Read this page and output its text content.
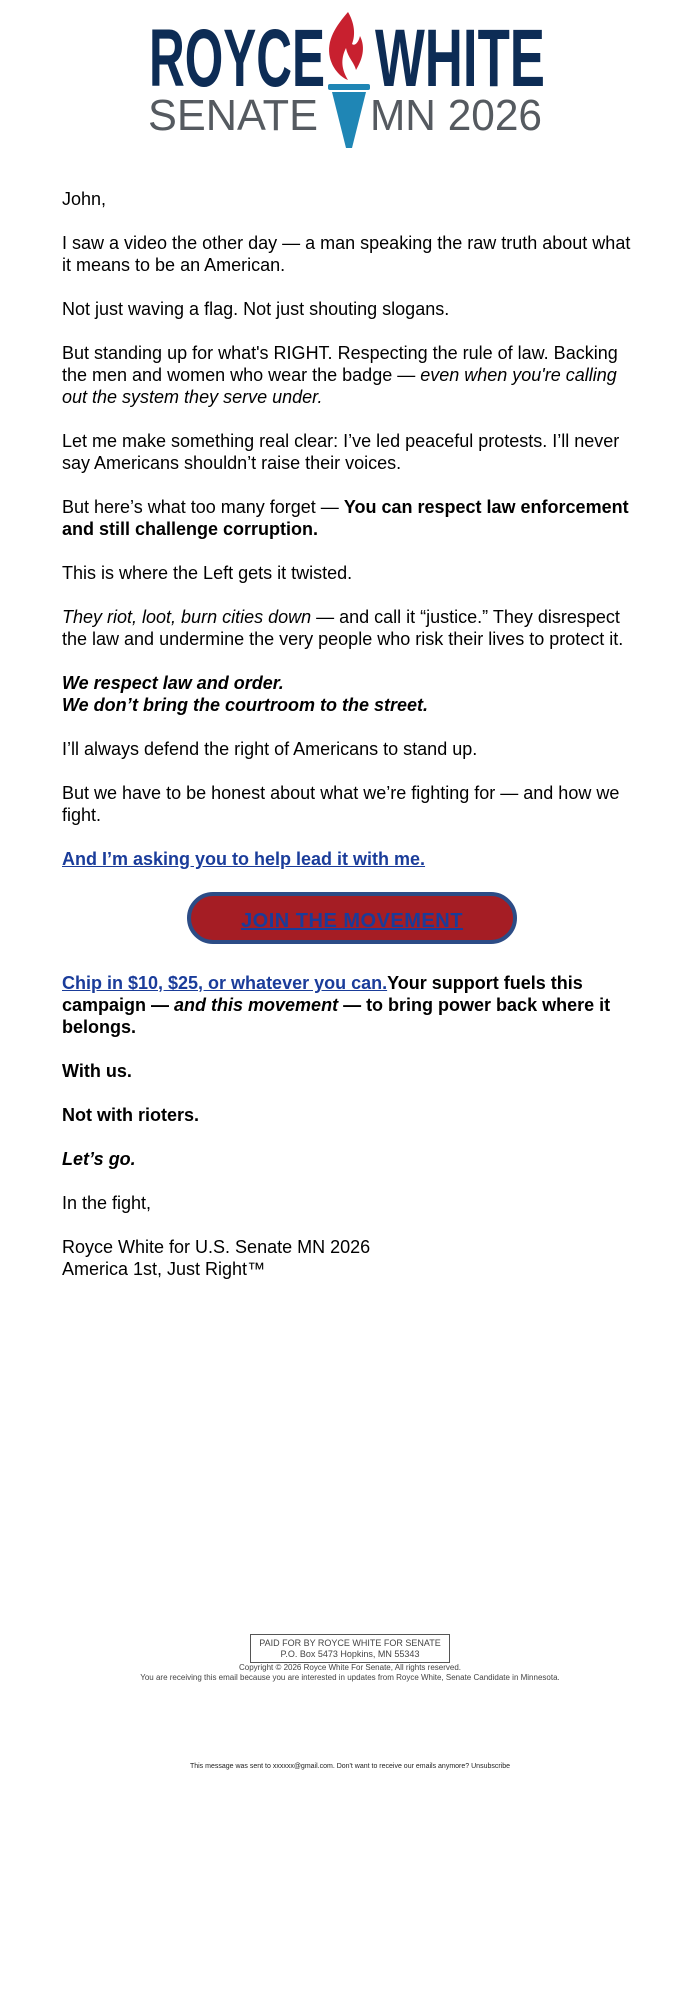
ROYCE WHITE
SENATE MN 2026

John,

I saw a video the other day — a man speaking the raw truth about what it means to be an American.

Not just waving a flag. Not just shouting slogans.

But standing up for what's RIGHT. Respecting the rule of law. Backing the men and women who wear the badge — even when you're calling out the system they serve under.

Let me make something real clear: I’ve led peaceful protests. I’ll never say Americans shouldn’t raise their voices.

But here’s what too many forget — You can respect law enforcement and still challenge corruption.

This is where the Left gets it twisted.

They riot, loot, burn cities down — and call it “justice.” They disrespect the law and undermine the very people who risk their lives to protect it.

We respect law and order.
We don’t bring the courtroom to the street.

I’ll always defend the right of Americans to stand up.

But we have to be honest about what we’re fighting for — and how we fight.

And I’m asking you to help lead it with me.

JOIN THE MOVEMENT

Chip in $10, $25, or whatever you can.Your support fuels this campaign — and this movement — to bring power back where it belongs.

With us.

Not with rioters.

Let’s go.

In the fight,

Royce White for U.S. Senate MN 2026
America 1st, Just Right™

PAID FOR BY ROYCE WHITE FOR SENATE
P.O. Box 5473 Hopkins, MN 55343
Copyright © 2026 Royce White For Senate, All rights reserved.
You are receiving this email because you are interested in updates from Royce White, Senate Candidate in Minnesota.
This message was sent to xxxxxx@gmail.com. Don't want to receive our emails anymore? Unsubscribe
